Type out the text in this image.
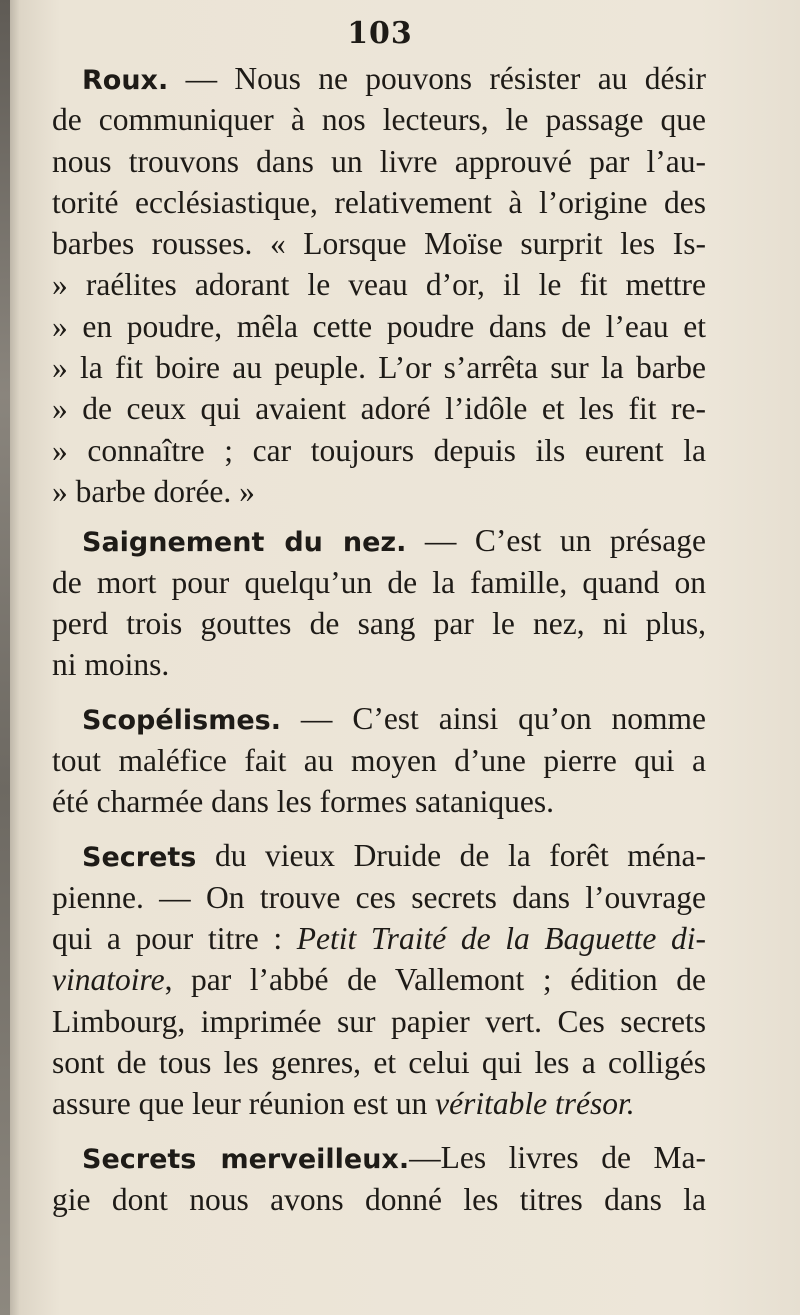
103
Roux. — Nous ne pouvons résister au désir
de communiquer à nos lecteurs, le passage que
nous trouvons dans un livre approuvé par l’au-
torité ecclésiastique, relativement à l’origine des
barbes rousses. « Lorsque Moïse surprit les Is-
» raélites adorant le veau d’or, il le fit mettre
» en poudre, mêla cette poudre dans de l’eau et
» la fit boire au peuple. L’or s’arrêta sur la barbe
» de ceux qui avaient adoré l’idôle et les fit re-
» connaître ; car toujours depuis ils eurent la
» barbe dorée. »
Saignement du nez. — C’est un présage
de mort pour quelqu’un de la famille, quand on
perd trois gouttes de sang par le nez, ni plus,
ni moins.
Scopélismes. — C’est ainsi qu’on nomme
tout maléfice fait au moyen d’une pierre qui a
été charmée dans les formes sataniques.
Secrets du vieux Druide de la forêt ména-
pienne. — On trouve ces secrets dans l’ouvrage
qui a pour titre : Petit Traité de la Baguette di-
vinatoire, par l’abbé de Vallemont ; édition de
Limbourg, imprimée sur papier vert. Ces secrets
sont de tous les genres, et celui qui les a colligés
assure que leur réunion est un véritable trésor.
Secrets merveilleux.—Les livres de Ma-
gie dont nous avons donné les titres dans la
